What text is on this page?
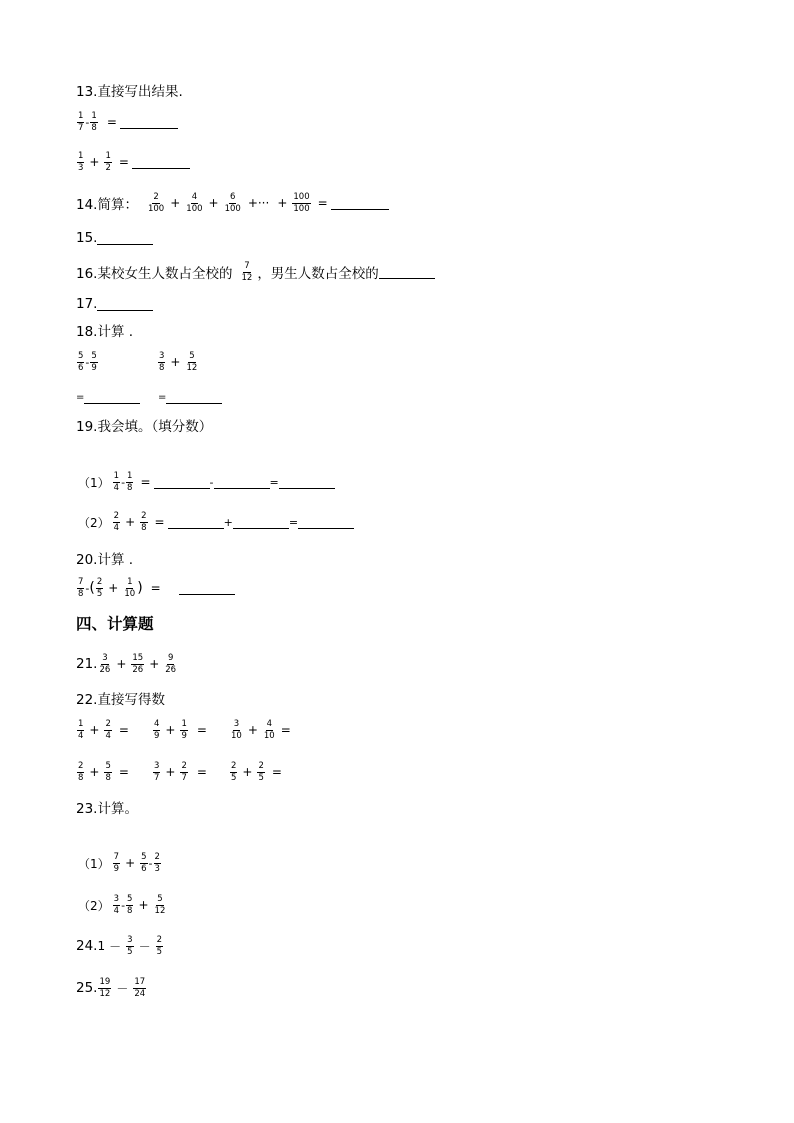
13.直接写出结果.
1
$7 - \frac{1}{8}$ =
1
$3 + \frac{1}{2}$ =
14.简算： 2
$100 + \frac{4}{100} + \frac{6}{100}$ +··· + $\frac{100}{100}$ =
15.
16.某校女生人数占全校的 7
12 ，男生人数占全校的
17.
18.计算 .
5
6 - 5
9
3
$8 + \frac{5}{12}$
=	=
19.我会填。（填分数）
（1） 1
$4 - \frac{1}{8}$ =	-	=
（2） 2
$4 + \frac{2}{8}$ =	+	=
20.计算 .
7
8 - ( 2
$5 + \frac{1}{10}$ ) =
四、计算题
21. 3
$26 + \frac{15}{26} + \frac{9}{26}$
22.直接写得数
1
$4 + \frac{2}{4}$ =	4
$9 + \frac{1}{9}$ =	3
$10 + \frac{4}{10}$ =
2
$8 + \frac{5}{8}$ =	3
$7 + \frac{2}{7}$ =	2
$5 + \frac{2}{5}$ =
23.计算。
（1） 7
$9 + \frac{5}{6} - 2$
3
（2） 3
4 - 5
$8 + \frac{5}{12}$
24. 1 － 3
5 － 2
5
25. 19
12 － 17
24
